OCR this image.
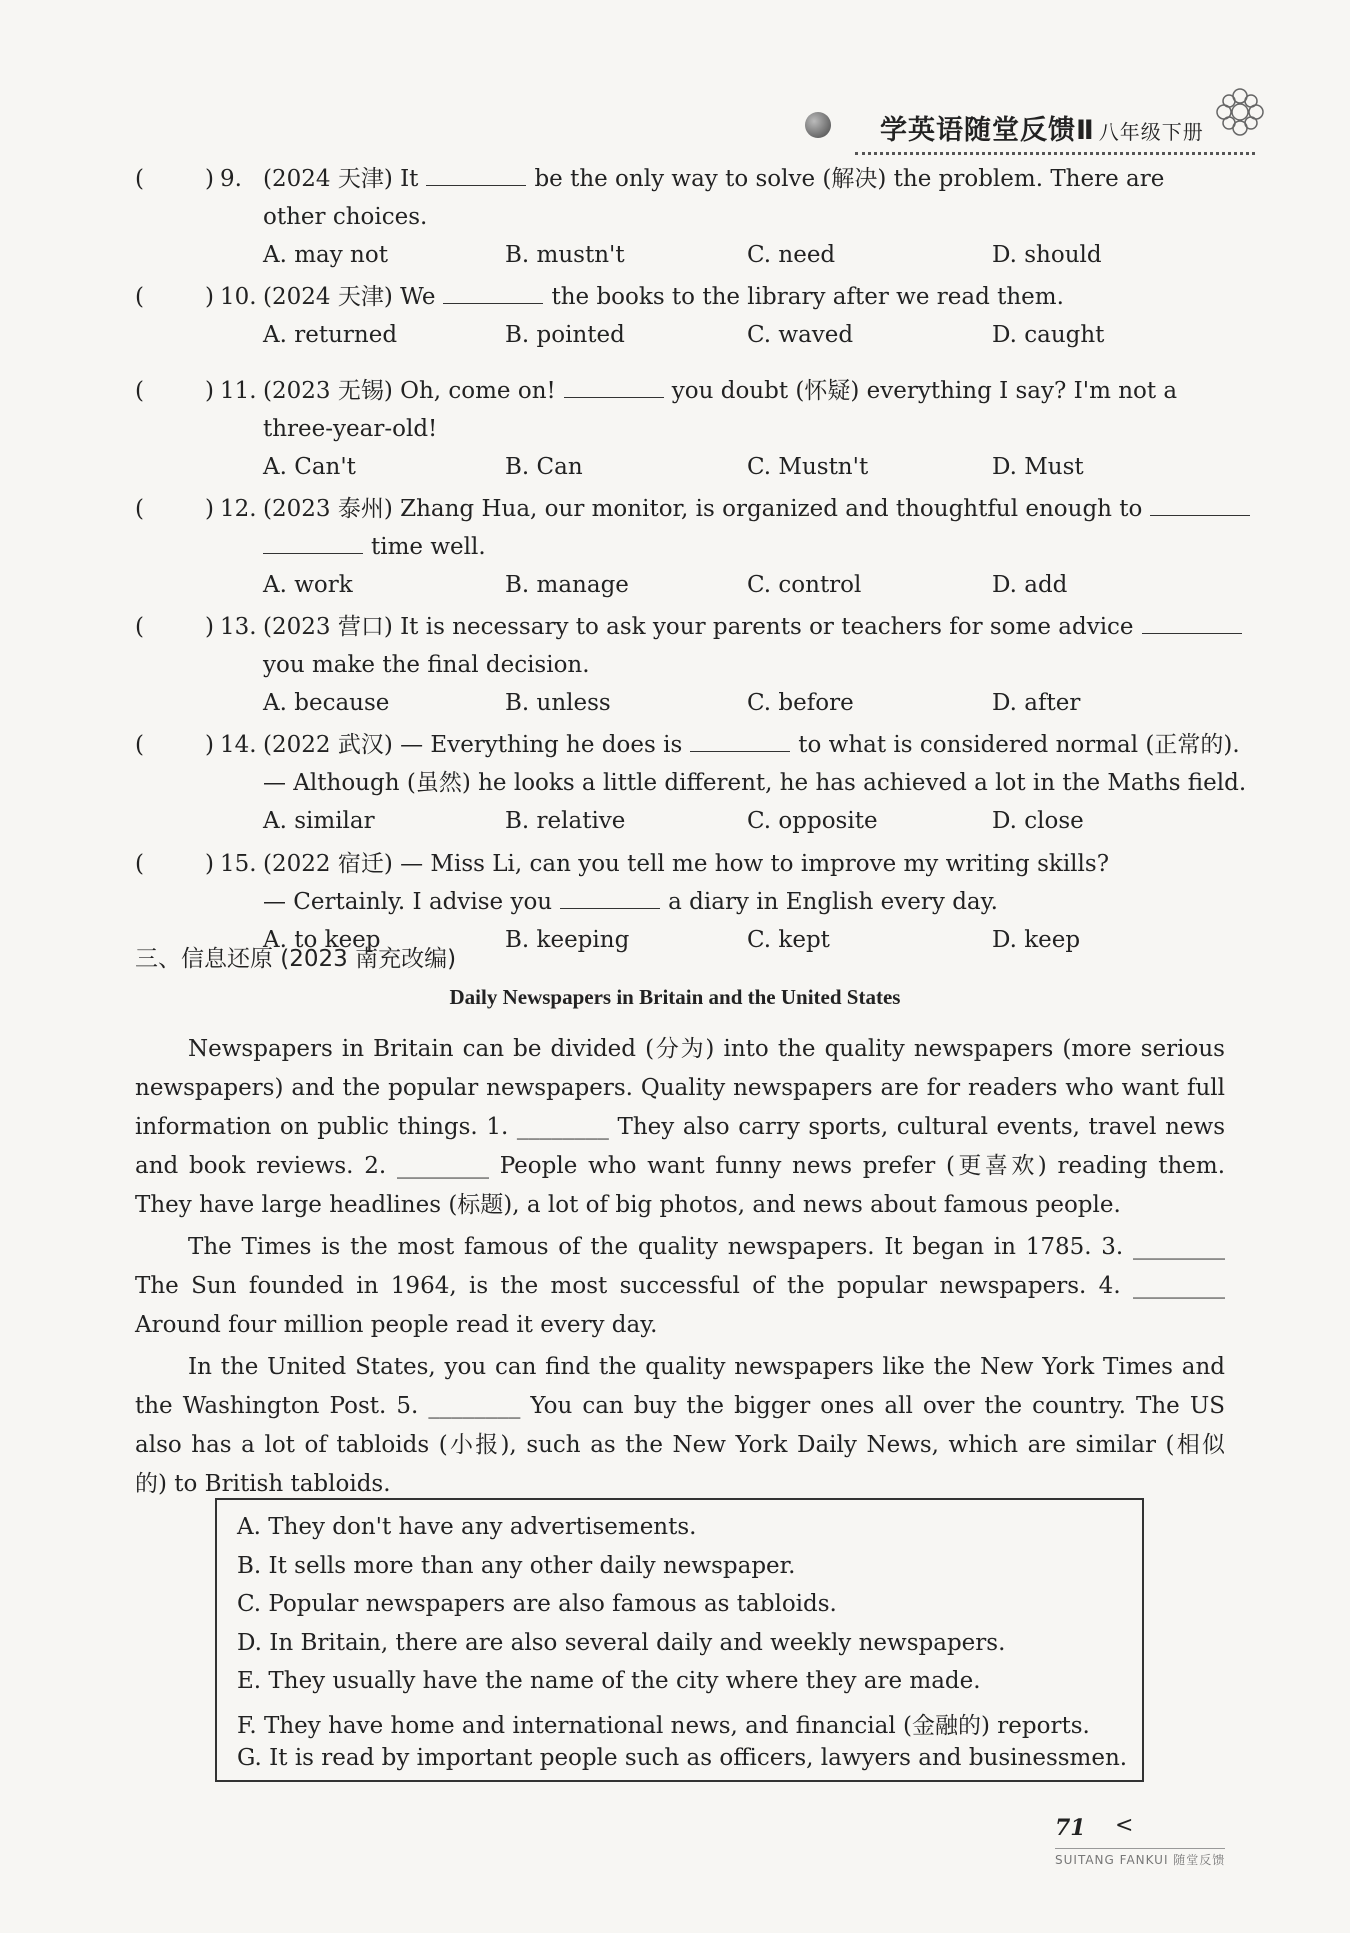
学英语随堂反馈Ⅱ 八年级下册
(	) 9. (2024 天津) It	be the only way to solve (解决) the problem. There are
other choices.
A. may not	B. mustn't	C. need	D. should
(	) 10. (2024 天津) We	the books to the library after we read them.
A. returned	B. pointed	C. waved	D. caught
(	) 11. (2023 无锡) Oh, come on!	you doubt (怀疑) everything I say? I'm not a
three-year-old!
A. Can't	B. Can	C. Mustn't	D. Must
(	) 12. (2023 泰州) Zhang Hua, our monitor, is organized and thoughtful enough to
time well.
A. work	B. manage	C. control	D. add
(	) 13. (2023 营口) It is necessary to ask your parents or teachers for some advice
you make the final decision.
A. because	B. unless	C. before	D. after
(	) 14. (2022 武汉) — Everything he does is	to what is considered normal (正常的).
— Although (虽然) he looks a little different, he has achieved a lot in the Maths field.
A. similar	B. relative	C. opposite	D. close
(	) 15. (2022 宿迁) — Miss Li, can you tell me how to improve my writing skills?
— Certainly. I advise you	a diary in English every day.
A. to keep	B. keeping	C. kept	D. keep
三、信息还原 (2023 南充改编)
Daily Newspapers in Britain and the United States
Newspapers in Britain can be divided (分为) into the quality newspapers (more serious
newspapers) and the popular newspapers. Quality newspapers are for readers who want full
information on public things. 1. ________ They also carry sports, cultural events, travel news
and book reviews. 2. ________ People who want funny news prefer (更喜欢) reading them.
They have large headlines (标题), a lot of big photos, and news about famous people.
The Times is the most famous of the quality newspapers. It began in 1785. 3. ________
The Sun founded in 1964, is the most successful of the popular newspapers. 4. ________
Around four million people read it every day.
In the United States, you can find the quality newspapers like the New York Times and
the Washington Post. 5. ________ You can buy the bigger ones all over the country. The US
also has a lot of tabloids (小报), such as the New York Daily News, which are similar (相似
的) to British tabloids.
A. They don't have any advertisements.
B. It sells more than any other daily newspaper.
C. Popular newspapers are also famous as tabloids.
D. In Britain, there are also several daily and weekly newspapers.
E. They usually have the name of the city where they are made.
F. They have home and international news, and financial (金融的) reports.
G. It is read by important people such as officers, lawyers and businessmen.
71 <
SUITANG FANKUI 随堂反馈
